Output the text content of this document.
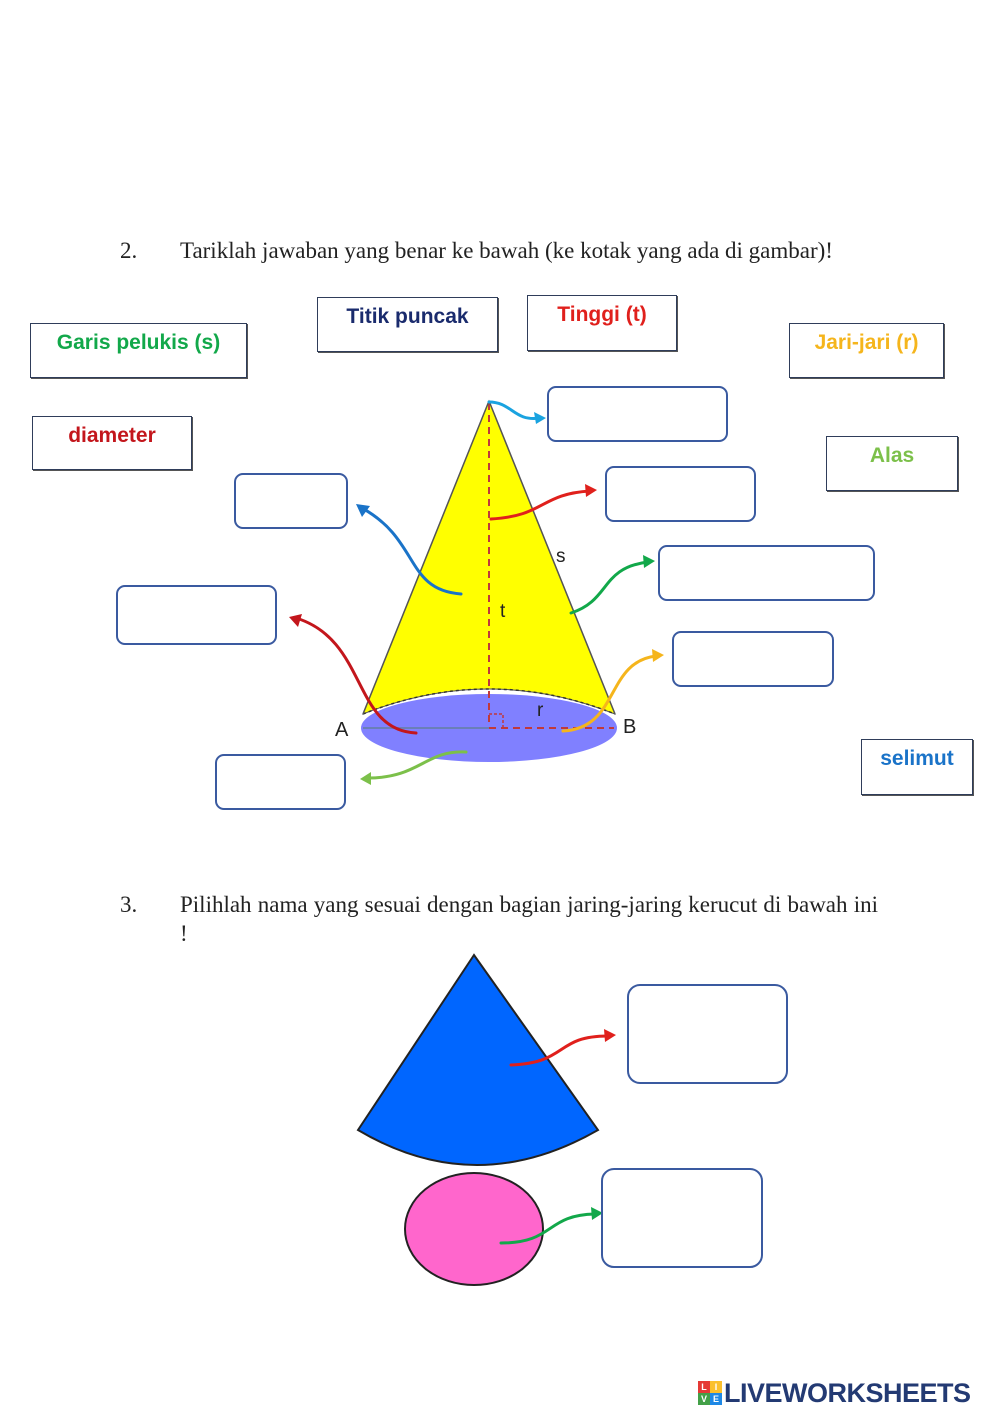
2. Tariklah jawaban yang benar ke bawah (ke kotak yang ada di gambar)!
s
t
r
A	B
Garis pelukis (s)
Titik puncak	Tinggi (t)
Jari-jari (r)
diameter
Alas
selimut
3. Pilihlah nama yang sesuai dengan bagian jaring-jaring kerucut di bawah ini !
L I
V E LIVEWORKSHEETS
